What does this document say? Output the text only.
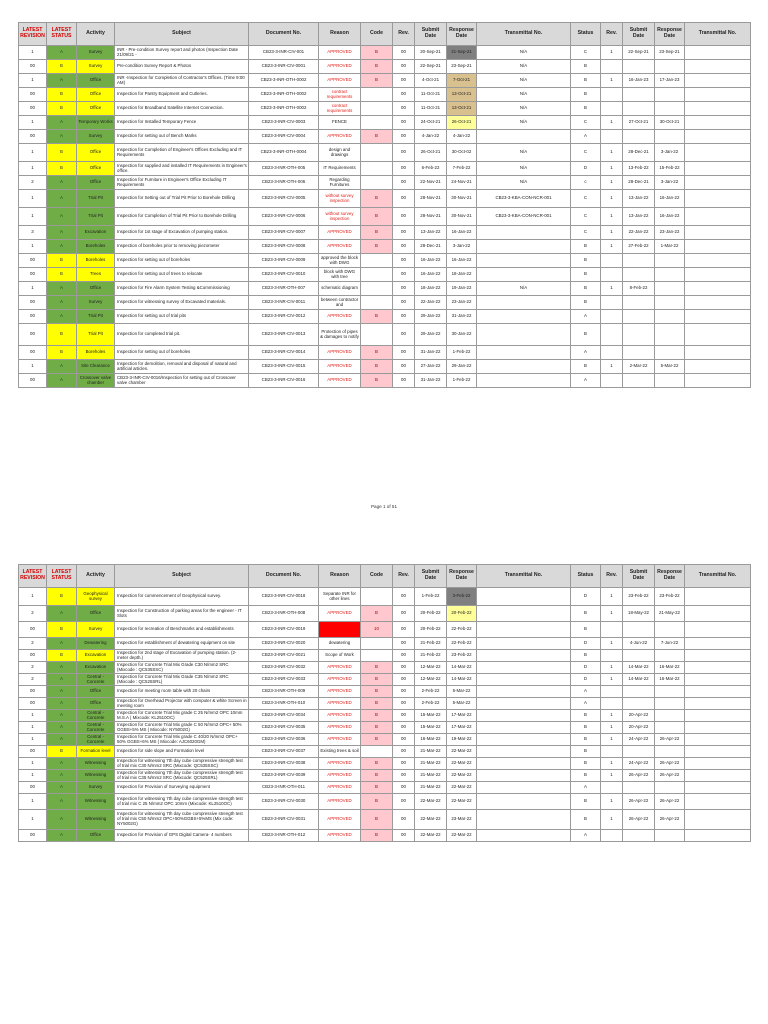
LATEST REVISION	LATEST STATUS	Activity	Subject	Document No.	Reason	Code	Rev.	Submit Date	Response Date	Transmittal No.	Status	Rev.	Submit Date	Response Date	Transmittal No.
1	A	Survey	INR - Pre-condition Survey report and photos (Inspection Date 21/09/21 -	CB23-3-INR-CIV-001	APPROVED	B	00	20-Sep-21	21-Sep-21	N/A	C	1	22-Sep-21	23-Sep-21	
00	B	Survey	Pre-condition Survey Report & Photos	CB23-3-INR-CIV-0001	APPROVED	B	00	22-Sep-21	23-Sep-21	N/A	B				
1	A	Office	INR -Inspection for Completion of Contractor's Offices. (Time 9:00 AM)	CB23-3-INR-OTH-0002	APPROVED	B	00	4-Oct-21	7-Oct-21	N/A	B	1	16-Jan-23	17-Jan-23	
00	B	Office	Inspection for Pantry Equipment and Cutleries.	CB23-3-INR-OTH-0002	contract requirements		00	11-Oct-21	13-Oct-21	N/A	B				
00	B	Office	Inspection for Broadband Satellite Internet Connection.	CB23-3-INR-OTH-0002	contract requirements		00	11-Oct-21	13-Oct-21	N/A	B				
1	A	Temporary Works	Inspection for Installed Temporary Fence	CB23-3-INR-CIV-0003	FENCE		00	24-Oct-21	26-Oct-21	N/A	C	1	27-Oct-21	30-Oct-21	
00	A	Survey	Inspection for setting out of Bench Marks	CB23-3-INR-CIV-0004	APPROVED	B	00	4-Jan-22	4-Jan-22		A				
1	B	Office	Inspection for Completion of Engineer's Offices Excluding and IT Requirements	CB23-3-INR-OTH-0004	design and drawings		00	26-Oct-21	30-Oct-02	N/A	C	1	28-Dec-21	3-Jan-22	
1	B	Office	Inspection for supplied and installed IT Requirements in Engineer's office.	CB23-3-INR-OTH-005	IT Requirements		00	6-Feb-22	7-Feb-22	N/A	D	1	13-Feb-22	15-Feb-22	
2	A	Office	Inspection for Furniture in Engineer's Office Excluding IT Requirements	CB23-3-INR-OTH-006	Regarding Furnitures		00	22-Nov-21	24-Nov-21	N/A	c	1	28-Dec-21	3-Jan-22	
1	A	Trial Pit	Inspection for Setting out of Trial Pit Prior to Borehole Drilling	CB23-3-INR-CIV-0005	without survey inspection	B	00	28-Nov-21	30-Nov-21	CB23-3-KBA-CON-NCR-001	C	1	13-Jan-22	16-Jan-22	
1	A	Trial Pit	Inspection for Completion of Trial Pit Prior to Borehole Drilling	CB23-3-INR-CIV-0006	without survey inspection	B	00	28-Nov-21	30-Nov-21	CB23-3-KBA-CON-NCR-001	C	1	13-Jan-22	16-Jan-22	
3	A	Excavation	Inspection for 1st stage of Excavation of pumping station.	CB23-3-INR-CIV-0007	APPROVED	B	00	13-Jan-22	16-Jan-22		C	1	22-Jan-22	23-Jan-22	
1	A	Boreholes	Inspection of boreholes prior to removing piezometer	CB23-3-INR-CIV-0008	APPROVED	B	00	28-Dec-21	3-Jan-22		B	1	27-Feb-22	1-Mar-22	
00	B	Boreholes	Inspection for setting out of boreholes	CB23-3-INR-CIV-0009	approved the block with DWG		00	16-Jan-22	16-Jan-22		B				
00	B	Trees	Inspection for setting out of trees to relocate	CB23-3-INR-CIV-0010	block with DWG with tree		00	16-Jan-22	18-Jan-22		B				
1	A	Office	Inspection for Fire Alarm System Testing &Commissioning	CB23-3-INR-OTH-007	schematic diagram		00	18-Jan-22	19-Jan-22	N/A	B	1	8-Feb-22		
00	A	Survey	Inspection for witnessing survey of Excavated materials.	CB23-3-INR-CIV-0011	between contractor and		00	22-Jan-22	23-Jan-22		B				
00	A	Trial Pit	Inspection for setting out of trial pits	CB23-3-INR-CIV-0012	APPROVED	B	00	29-Jan-22	31-Jan-22		A				
00	B	Trial Pit	Inspection for completed trial pit.	CB23-3-INR-CIV-0013	Protection of pipes & damages to notify		00	29-Jan-22	30-Jan-22		B				
00	B	Boreholes	Inspection for setting out of boreholes	CB23-3-INR-CIV-0014	APPROVED	B	00	31-Jan-22	1-Feb-22		A				
1	A	Site Clearance	Inspection for demolition, removal and disposal of natural and artificial articles.	CB23-3-INR-CIV-0015	APPROVED	B	00	27-Jan-22	29-Jan-22		B	1	2-Mar-22	5-Mar-22	
00	A	Crossover valve chamber	CB23-3-INR-CIV-0016/Inspection for setting out of Crossover valve chamber	CB23-3-INR-CIV-0016	APPROVED	B	00	31-Jan-22	1-Feb-22		A				
Page 1 of 51
LATEST REVISION	LATEST STATUS	Activity	Subject	Document No.	Reason	Code	Rev.	Submit Date	Response Date	Transmittal No.	Status	Rev.	Submit Date	Response Date	Transmittal No.
1	B	Geophysical survey	Inspection for commencement of Geophysical survey.	CB23-3-INR-CIV-0018	Separate INR for other lines		00	1-Feb-22	3-Feb-22		D	1	23-Feb-22	23-Feb-22	
2	A	Office	Inspection for Construction of parking areas for the engineer - IT Slots	CB23-3-INR-OTH-008	APPROVED	B	00	20-Feb-22	20-Feb-22		B	1	18-May-22	21-May-22	
00	B	Survey	Inspection for recreation of Benchmarks and establishments	CB23-3-INR-CIV-0019		10	00	20-Feb-22	22-Feb-22		B				
2	A	Dewatering	Inspection for establishment of dewatering equipment on site	CB23-3-INR-CIV-0020	dewatering		00	21-Feb-22	22-Feb-22		D	1	4-Jun-22	7-Jun-22	
00	B	Excavation	Inspection for 2nd stage of Excavation of pumping station. (2-meter depth.)	CB23-3-INR-CIV-0021	Scope of Work		00	21-Feb-22	23-Feb-22		B				
2	A	Excavation	Inspection for Concrete Trial Mix Grade C30 N/mm2 SRC (Mixcode : QC535SSC)	CB23-3-INR-CIV-0032	APPROVED	B	00	12-Mar-22	14-Mar-22		D	1	14-Mar-22	16-Mar-22	
2	A	Central - Concrete	Inspection for Concrete Trial Mix Grade C35 N/mm2 SRC (Mixcode : QC525SRL)	CB23-3-INR-CIV-0033	APPROVED	B	00	12-Mar-22	14-Mar-22		D	1	14-Mar-22	16-Mar-22	
00	A	Office	Inspection for meeting room table with 20 chairs	CB23-3-INR-OTH-009	APPROVED	B	00	2-Feb-22	5-Mar-22		A				
00	A	Office	Inspection for Overhead Projector with computer & white Screen in meeting room	CB23-3-INR-OTH-010	APPROVED	B	00	2-Feb-22	5-Mar-22		A				
1	A	Central - Concrete	Inspection for Concrete Trial Mix grade C 25 N/mm2 OPC 10mm M.S.A ( Mixcode: KL2510OC)	CB23-3-INR-CIV-0034	APPROVED	B	00	15-Mar-22	17-Mar-22		B	1	20-Apr-22		
1	A	Central - Concrete	Inspection for Concrete Trial Mix grade C 50 N/mm2 OPC+ 50% GGBS+5% MS ( Mixcode: NY5002G)	CB23-3-INR-CIV-0035	APPROVED	B	00	15-Mar-22	17-Mar-22		B	1	20-Apr-22		
1	A	Central - Concrete	Inspection for Concrete Trial Mix grade C 40/20 N/mm2 OPC+ 50% GGBS+6% MS ( Mixcode: AJC6020GM)	CB23-3-INR-CIV-0036	APPROVED	B	00	16-Mar-22	19-Mar-22		B	1	24-Apr-22	26-Apr-22	
00	B	Formation level	Inspection for side slope and Formation level	CB23-3-INR-CIV-0037	Existing trees & soil		00	21-Mar-22	22-Mar-22		B				
1	A	Witnessing	Inspection for witnessing 7th day cube compressive strength test of trial mix C30 N/mm2 SRC (Mixcode: QC535SSC)	CB23-3-INR-CIV-0038	APPROVED	B	00	21-Mar-22	22-Mar-22		B	1	24-Apr-22	26-Apr-22	
1	A	Witnessing	Inspection for witnessing 7th day cube compressive strength test of trial mix C35 N/mm2 SRC (Mixcode: QC525SRL)	CB23-3-INR-CIV-0039	APPROVED	B	00	21-Mar-22	22-Mar-22		B	1	26-Apr-22	26-Apr-22	
00	A	Survey	Inspection for Provision of Surveying equipment	CB23-3-INR-OTH-011	APPROVED	B	00	21-Mar-22	22-Mar-22		A				
1	A	Witnessing	Inspection for witnessing 7th day cube compressive strength test of trial mix C 25 N/mm2 OPC 10mm (Mixcode: KL2510OC)	CB23-3-INR-CIV-0030	APPROVED	B	00	22-Mar-22	22-Mar-22		B	1	26-Apr-22	26-Apr-22	
1	A	Witnessing	Inspection for witnessing 7th day cube compressive strength test of trial mix C50 N/mm2 OPC+50%GGBS+5%MS (Mix code: NY5002G)	CB23-3-INR-CIV-0031	APPROVED	B	00	22-Mar-22	23-Mar-22		B	1	26-Apr-22	26-Apr-22	
00	A	Office	Inspection for Provision of GPS Digital Camera- 4 numbers	CB23-3-INR-OTH-012	APPROVED	B	00	22-Mar-22	22-Mar-22		A				
